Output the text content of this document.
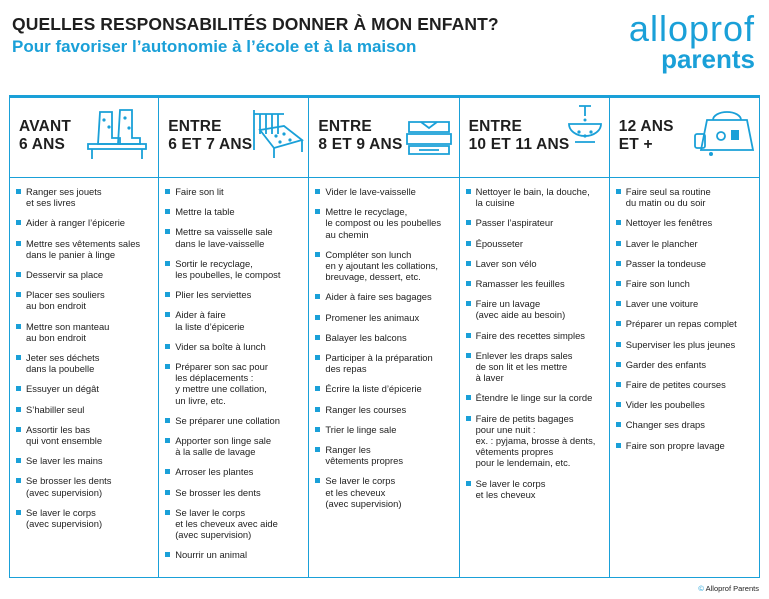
QUELLES RESPONSABILITÉS DONNER À MON ENFANT?
Pour favoriser l’autonomie à l’école et à la maison	alloprof
parents
AVANT
6 ANS
Ranger ses jouets
et ses livres
Aider à ranger l’épicerie
Mettre ses vêtements sales
dans le panier à linge
Desservir sa place
Placer ses souliers
au bon endroit
Mettre son manteau
au bon endroit
Jeter ses déchets
dans la poubelle
Essuyer un dégât
S’habiller seul
Assortir les bas
qui vont ensemble
Se laver les mains
Se brosser les dents
(avec supervision)
Se laver le corps
(avec supervision)
ENTRE
6 ET 7 ANS
Faire son lit
Mettre la table
Mettre sa vaisselle sale
dans le lave-vaisselle
Sortir le recyclage,
les poubelles, le compost
Plier les serviettes
Aider à faire
la liste d’épicerie
Vider sa boîte à lunch
Préparer son sac pour
les déplacements :
y mettre une collation,
un livre, etc.
Se préparer une collation
Apporter son linge sale
à la salle de lavage
Arroser les plantes
Se brosser les dents
Se laver le corps
et les cheveux avec aide
(avec supervision)
Nourrir un animal
ENTRE
8 ET 9 ANS
Vider le lave-vaisselle
Mettre le recyclage,
le compost ou les poubelles
au chemin
Compléter son lunch
en y ajoutant les collations,
breuvage, dessert, etc.
Aider à faire ses bagages
Promener les animaux
Balayer les balcons
Participer à la préparation
des repas
Écrire la liste d’épicerie
Ranger les courses
Trier le linge sale
Ranger les
vêtements propres
Se laver le corps
et les cheveux
(avec supervision)
ENTRE
10 ET 11 ANS
Nettoyer le bain, la douche,
la cuisine
Passer l’aspirateur
Épousseter
Laver son vélo
Ramasser les feuilles
Faire un lavage
(avec aide au besoin)
Faire des recettes simples
Enlever les draps sales
de son lit et les mettre
à laver
Étendre le linge sur la corde
Faire de petits bagages
pour une nuit :
ex. : pyjama, brosse à dents,
vêtements propres
pour le lendemain, etc.
Se laver le corps
et les cheveux
12 ANS
ET +
Faire seul sa routine
du matin ou du soir
Nettoyer les fenêtres
Laver le plancher
Passer la tondeuse
Faire son lunch
Laver une voiture
Préparer un repas complet
Superviser les plus jeunes
Garder des enfants
Faire de petites courses
Vider les poubelles
Changer ses draps
Faire son propre lavage
© Alloprof Parents
